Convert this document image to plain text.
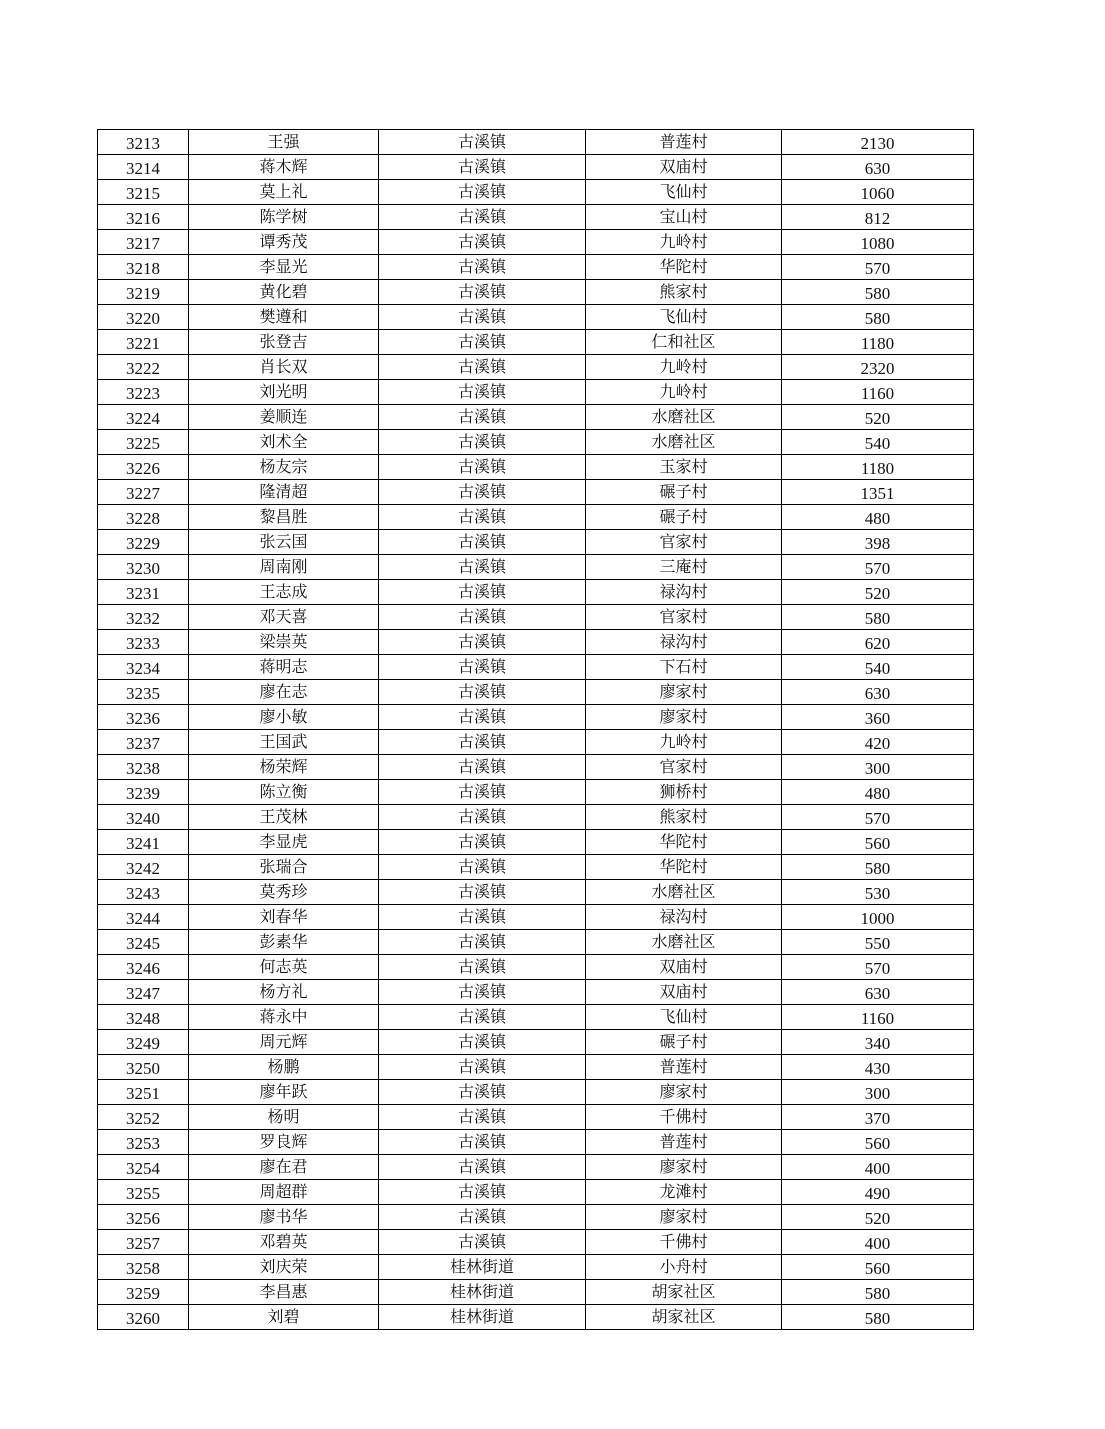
3213	王强	古溪镇	普莲村	2130
3214	蒋木辉	古溪镇	双庙村	630
3215	莫上礼	古溪镇	飞仙村	1060
3216	陈学树	古溪镇	宝山村	812
3217	谭秀茂	古溪镇	九岭村	1080
3218	李显光	古溪镇	华陀村	570
3219	黄化碧	古溪镇	熊家村	580
3220	樊遵和	古溪镇	飞仙村	580
3221	张登吉	古溪镇	仁和社区	1180
3222	肖长双	古溪镇	九岭村	2320
3223	刘光明	古溪镇	九岭村	1160
3224	姜顺连	古溪镇	水磨社区	520
3225	刘术全	古溪镇	水磨社区	540
3226	杨友宗	古溪镇	玉家村	1180
3227	隆清超	古溪镇	碾子村	1351
3228	黎昌胜	古溪镇	碾子村	480
3229	张云国	古溪镇	官家村	398
3230	周南刚	古溪镇	三庵村	570
3231	王志成	古溪镇	禄沟村	520
3232	邓天喜	古溪镇	官家村	580
3233	梁崇英	古溪镇	禄沟村	620
3234	蒋明志	古溪镇	下石村	540
3235	廖在志	古溪镇	廖家村	630
3236	廖小敏	古溪镇	廖家村	360
3237	王国武	古溪镇	九岭村	420
3238	杨荣辉	古溪镇	官家村	300
3239	陈立衡	古溪镇	狮桥村	480
3240	王茂林	古溪镇	熊家村	570
3241	李显虎	古溪镇	华陀村	560
3242	张瑞合	古溪镇	华陀村	580
3243	莫秀珍	古溪镇	水磨社区	530
3244	刘春华	古溪镇	禄沟村	1000
3245	彭素华	古溪镇	水磨社区	550
3246	何志英	古溪镇	双庙村	570
3247	杨方礼	古溪镇	双庙村	630
3248	蒋永中	古溪镇	飞仙村	1160
3249	周元辉	古溪镇	碾子村	340
3250	杨鹏	古溪镇	普莲村	430
3251	廖年跃	古溪镇	廖家村	300
3252	杨明	古溪镇	千佛村	370
3253	罗良辉	古溪镇	普莲村	560
3254	廖在君	古溪镇	廖家村	400
3255	周超群	古溪镇	龙滩村	490
3256	廖书华	古溪镇	廖家村	520
3257	邓碧英	古溪镇	千佛村	400
3258	刘庆荣	桂林街道	小舟村	560
3259	李昌惠	桂林街道	胡家社区	580
3260	刘碧	桂林街道	胡家社区	580
